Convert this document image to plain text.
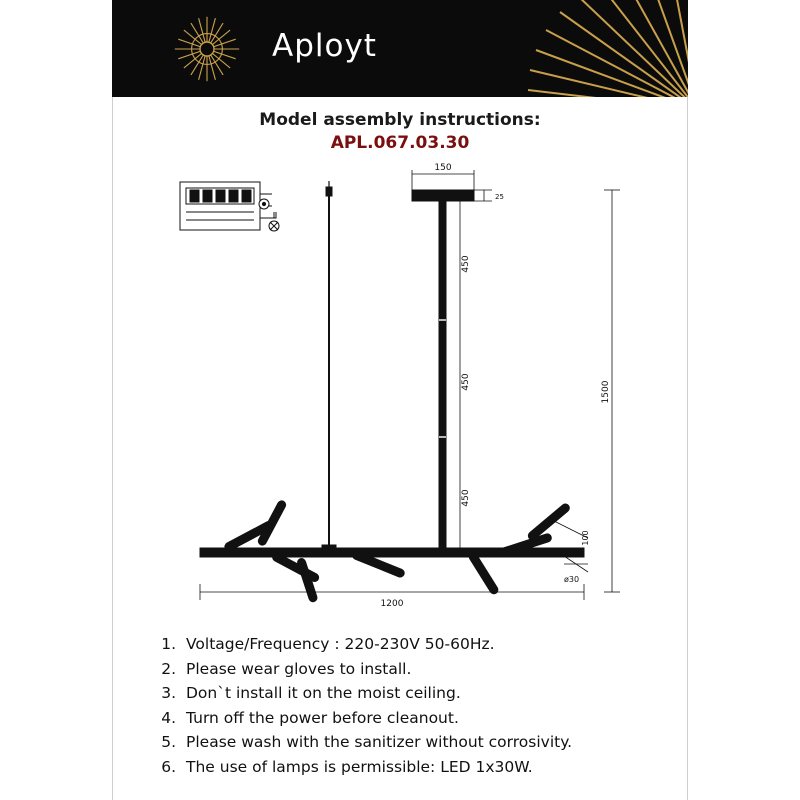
Aployt
Model assembly instructions:
APL.067.03.30
150
25
450
450
450
1500
1200
100
ø30
1. Voltage/Frequency : 220-230V 50-60Hz.
2. Please wear gloves to install.
3. Don`t install it on the moist ceiling.
4. Turn off the power before cleanout.
5. Please wash with the sanitizer without corrosivity.
6. The use of lamps is permissible: LED 1x30W.
